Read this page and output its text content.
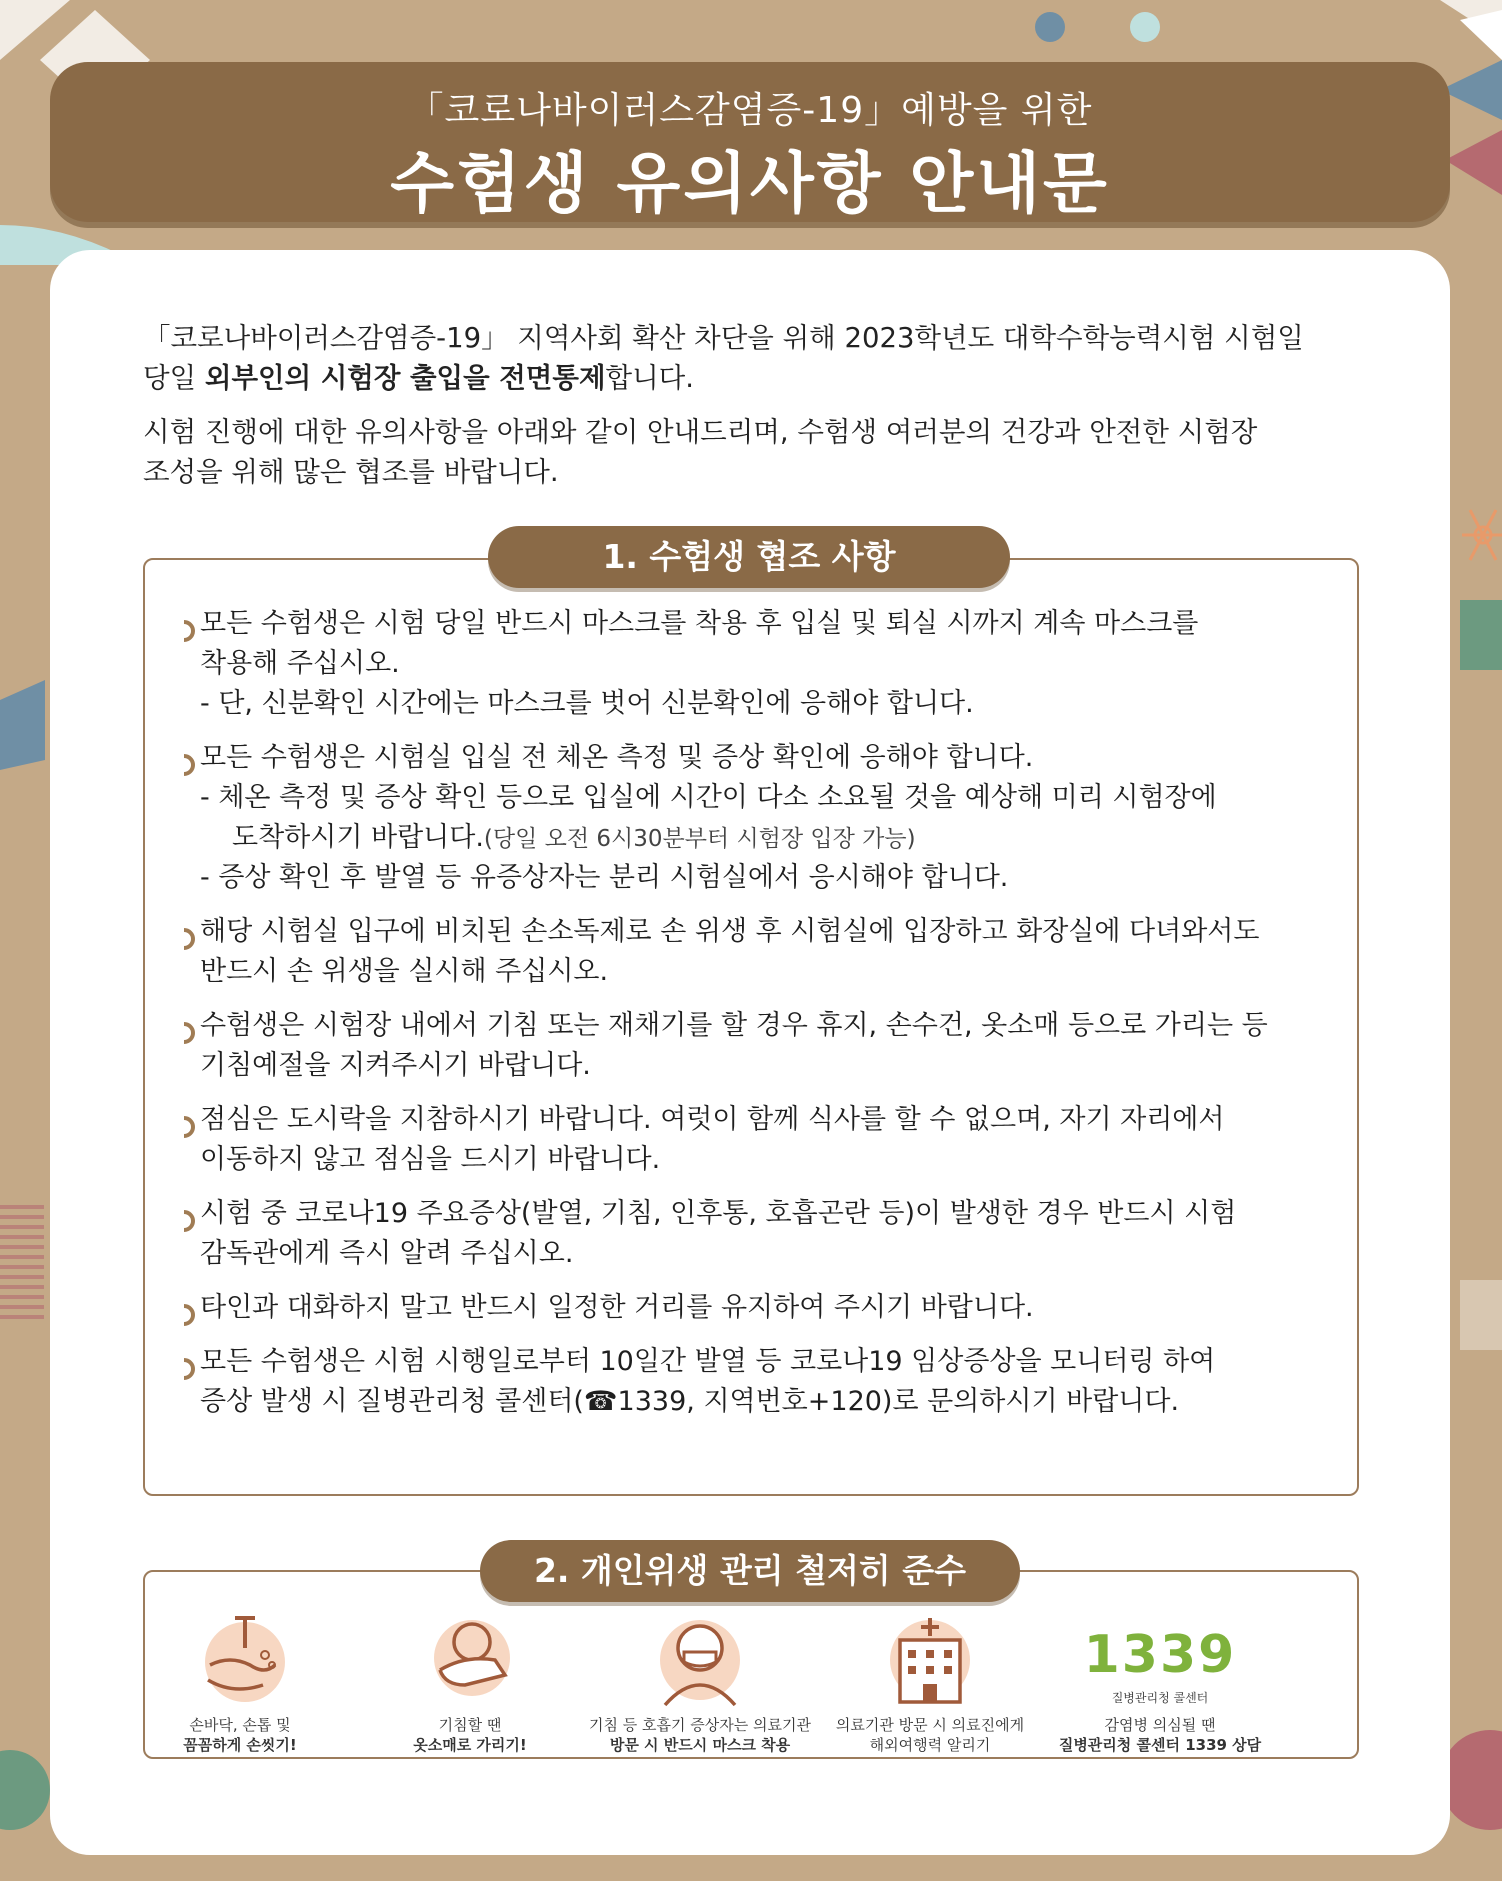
「코로나바이러스감염증-19」예방을 위한
수험생 유의사항 안내문
「코로나바이러스감염증-19」 지역사회 확산 차단을 위해 2023학년도 대학수학능력시험 시험일
당일 외부인의 시험장 출입을 전면통제합니다.
시험 진행에 대한 유의사항을 아래와 같이 안내드리며, 수험생 여러분의 건강과 안전한 시험장
조성을 위해 많은 협조를 바랍니다.
1. 수험생 협조 사항
모든 수험생은 시험 당일 반드시 마스크를 착용 후 입실 및 퇴실 시까지 계속 마스크를
착용해 주십시오.
- 단, 신분확인 시간에는 마스크를 벗어 신분확인에 응해야 합니다.
모든 수험생은 시험실 입실 전 체온 측정 및 증상 확인에 응해야 합니다.
- 체온 측정 및 증상 확인 등으로 입실에 시간이 다소 소요될 것을 예상해 미리 시험장에
도착하시기 바랍니다.(당일 오전 6시30분부터 시험장 입장 가능)
- 증상 확인 후 발열 등 유증상자는 분리 시험실에서 응시해야 합니다.
해당 시험실 입구에 비치된 손소독제로 손 위생 후 시험실에 입장하고 화장실에 다녀와서도
반드시 손 위생을 실시해 주십시오.
수험생은 시험장 내에서 기침 또는 재채기를 할 경우 휴지, 손수건, 옷소매 등으로 가리는 등
기침예절을 지켜주시기 바랍니다.
점심은 도시락을 지참하시기 바랍니다. 여럿이 함께 식사를 할 수 없으며, 자기 자리에서
이동하지 않고 점심을 드시기 바랍니다.
시험 중 코로나19 주요증상(발열, 기침, 인후통, 호흡곤란 등)이 발생한 경우 반드시 시험
감독관에게 즉시 알려 주십시오.
타인과 대화하지 말고 반드시 일정한 거리를 유지하여 주시기 바랍니다.
모든 수험생은 시험 시행일로부터 10일간 발열 등 코로나19 임상증상을 모니터링 하여
증상 발생 시 질병관리청 콜센터(☎1339, 지역번호+120)로 문의하시기 바랍니다.
2. 개인위생 관리 철저히 준수
손바닥, 손톱 및
꼼꼼하게 손씻기!
기침할 땐
옷소매로 가리기!
기침 등 호흡기 증상자는 의료기관
방문 시 반드시 마스크 착용
의료기관 방문 시 의료진에게
해외여행력 알리기
1339
질병관리청 콜센터
감염병 의심될 땐
질병관리청 콜센터 1339 상담
